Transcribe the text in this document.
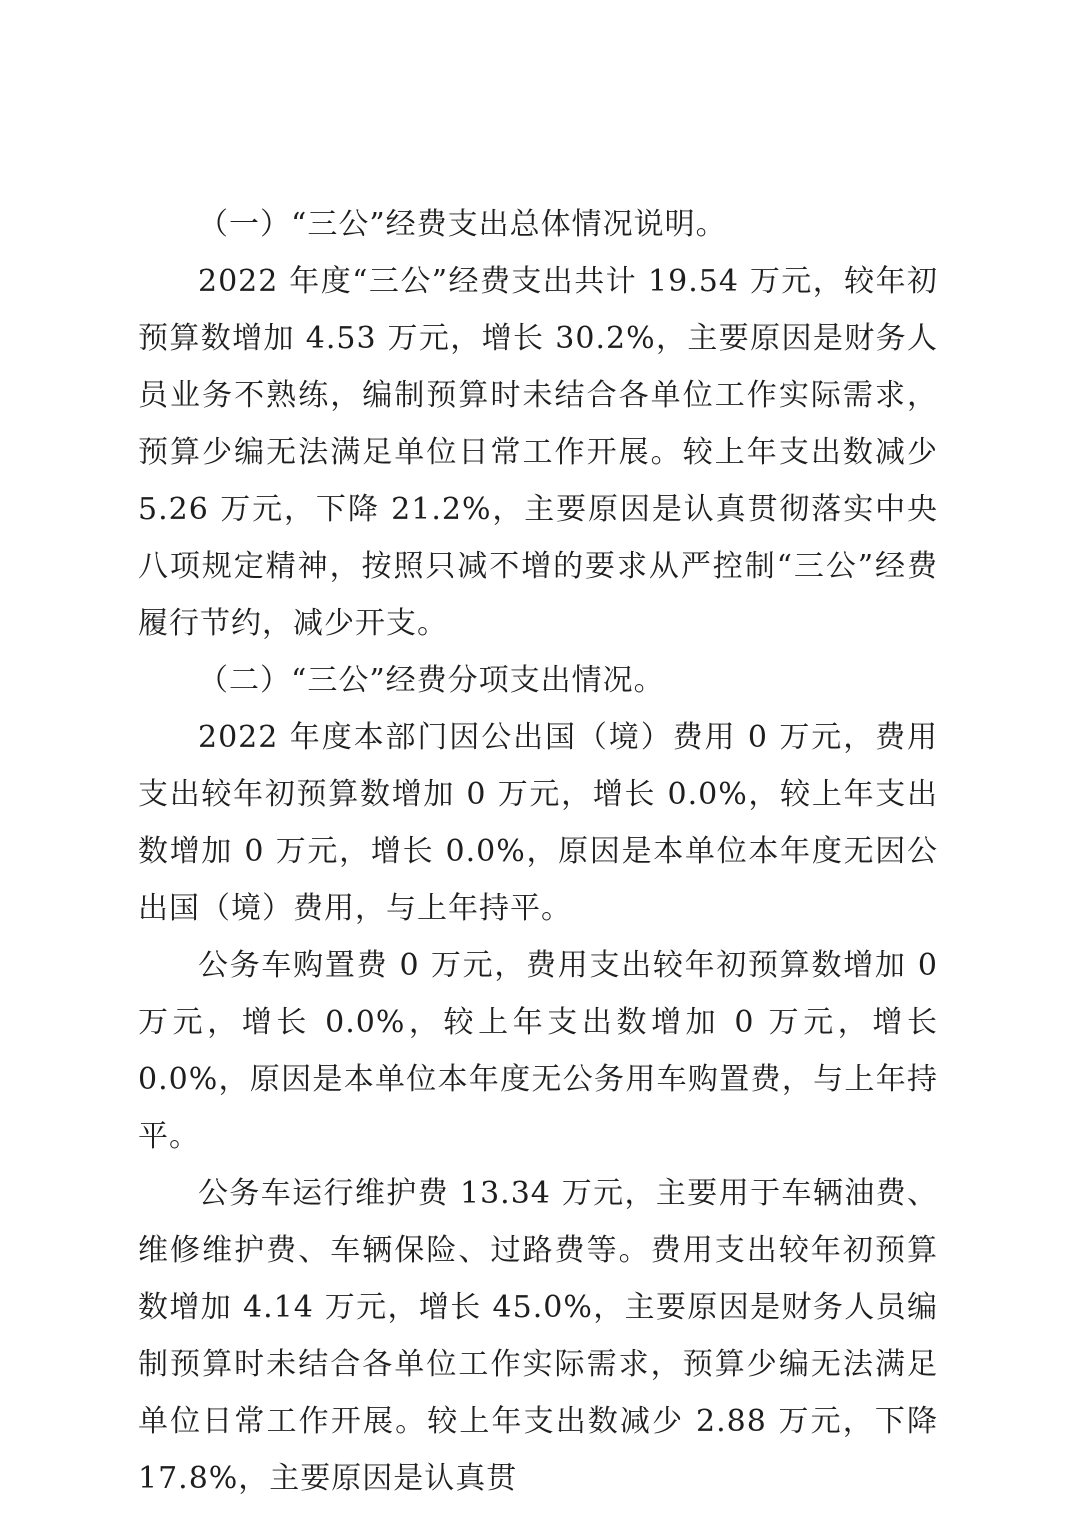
（一）“三公”经费支出总体情况说明。

2022 年度“三公”经费支出共计 19.54 万元，较年初预算数增加 4.53 万元，增长 30.2%，主要原因是财务人员业务不熟练，编制预算时未结合各单位工作实际需求，预算少编无法满足单位日常工作开展。较上年支出数减少 5.26 万元，下降 21.2%，主要原因是认真贯彻落实中央八项规定精神，按照只减不增的要求从严控制“三公”经费履行节约，减少开支。

（二）“三公”经费分项支出情况。

2022 年度本部门因公出国（境）费用 0 万元，费用支出较年初预算数增加 0 万元，增长 0.0%，较上年支出数增加 0 万元，增长 0.0%，原因是本单位本年度无因公出国（境）费用，与上年持平。

公务车购置费 0 万元，费用支出较年初预算数增加 0 万元，增长 0.0%，较上年支出数增加 0 万元，增长 0.0%，原因是本单位本年度无公务用车购置费，与上年持平。

公务车运行维护费 13.34 万元，主要用于车辆油费、维修维护费、车辆保险、过路费等。费用支出较年初预算数增加 4.14 万元，增长 45.0%，主要原因是财务人员编制预算时未结合各单位工作实际需求，预算少编无法满足单位日常工作开展。较上年支出数减少 2.88 万元，下降 17.8%，主要原因是认真贯
